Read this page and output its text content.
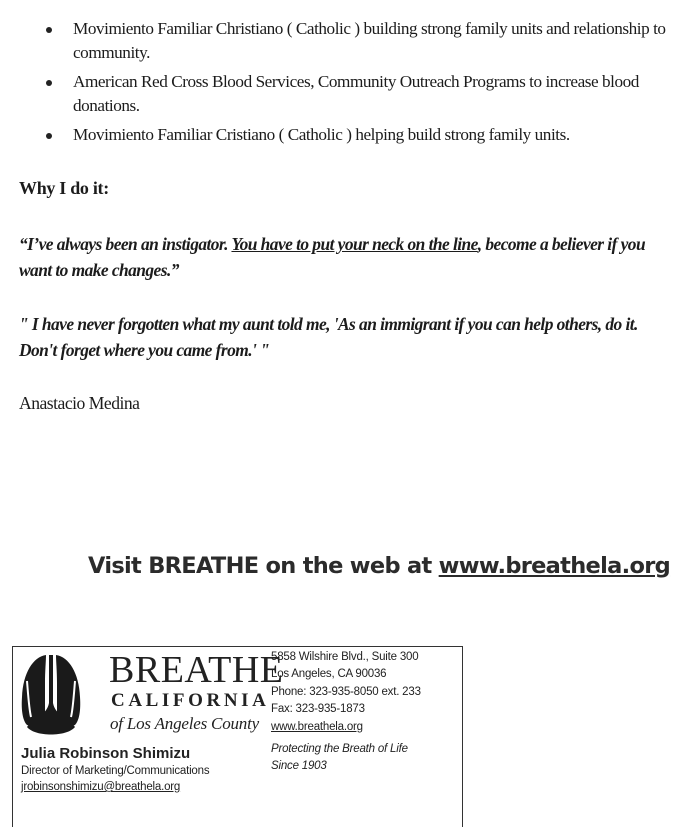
Movimiento Familiar Christiano ( Catholic ) building strong family units and relationship to community.
American Red Cross Blood Services, Community Outreach Programs to increase blood donations.
Movimiento Familiar Cristiano ( Catholic ) helping build strong family units.
Why I do it:
“I’ve always been an instigator. You have to put your neck on the line, become a believer if you want to make changes.”
" I have never forgotten what my aunt told me, 'As an immigrant if you can help others, do it. Don't forget where you came from.' "
Anastacio Medina
Visit BREATHE on the web at www.breathela.org
BREATHE
CALIFORNIA
of Los Angeles County
Julia Robinson Shimizu
Director of Marketing/Communications
jrobinsonshimizu@breathela.org
5858 Wilshire Blvd., Suite 300
Los Angeles, CA 90036
Phone: 323-935-8050 ext. 233
Fax: 323-935-1873
www.breathela.org
Protecting the Breath of Life
Since 1903
